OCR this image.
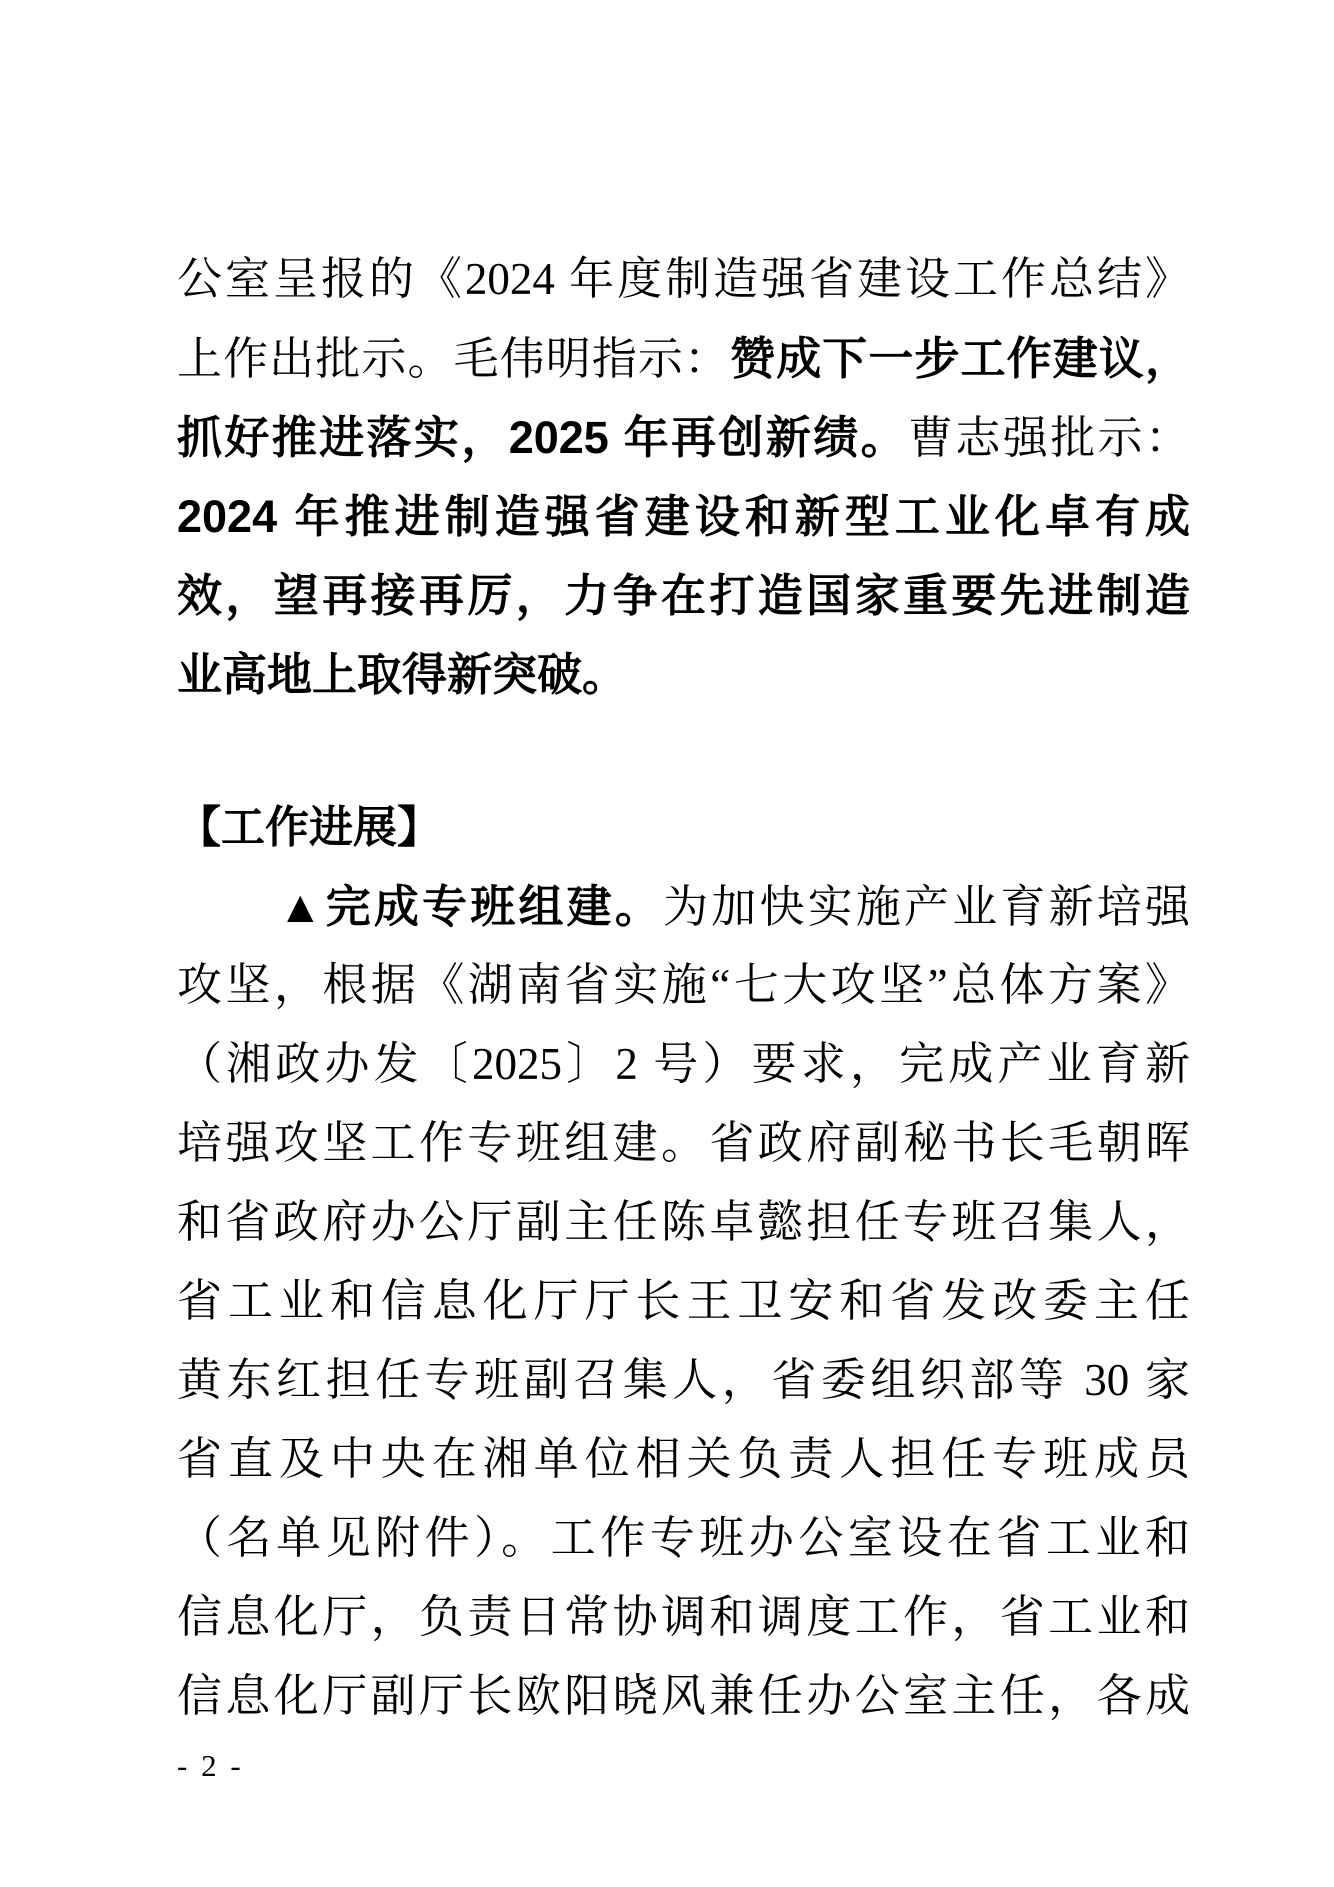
公室呈报的《2024 年度制造强省建设工作总结》
上作出批示。毛伟明指示：赞成下一步工作建议，
抓好推进落实，2025 年再创新绩。曹志强批示：
2024 年推进制造强省建设和新型工业化卓有成
效，望再接再厉，力争在打造国家重要先进制造
业高地上取得新突破。
【工作进展】
▲完成专班组建。为加快实施产业育新培强
攻坚，根据《湖南省实施“七大攻坚”总体方案》
（湘政办发〔2025〕2 号）要求，完成产业育新
培强攻坚工作专班组建。省政府副秘书长毛朝晖
和省政府办公厅副主任陈卓懿担任专班召集人，
省工业和信息化厅厅长王卫安和省发改委主任
黄东红担任专班副召集人，省委组织部等 30 家
省直及中央在湘单位相关负责人担任专班成员
（名单见附件）。工作专班办公室设在省工业和
信息化厅，负责日常协调和调度工作，省工业和
信息化厅副厅长欧阳晓风兼任办公室主任，各成
- 2 -
